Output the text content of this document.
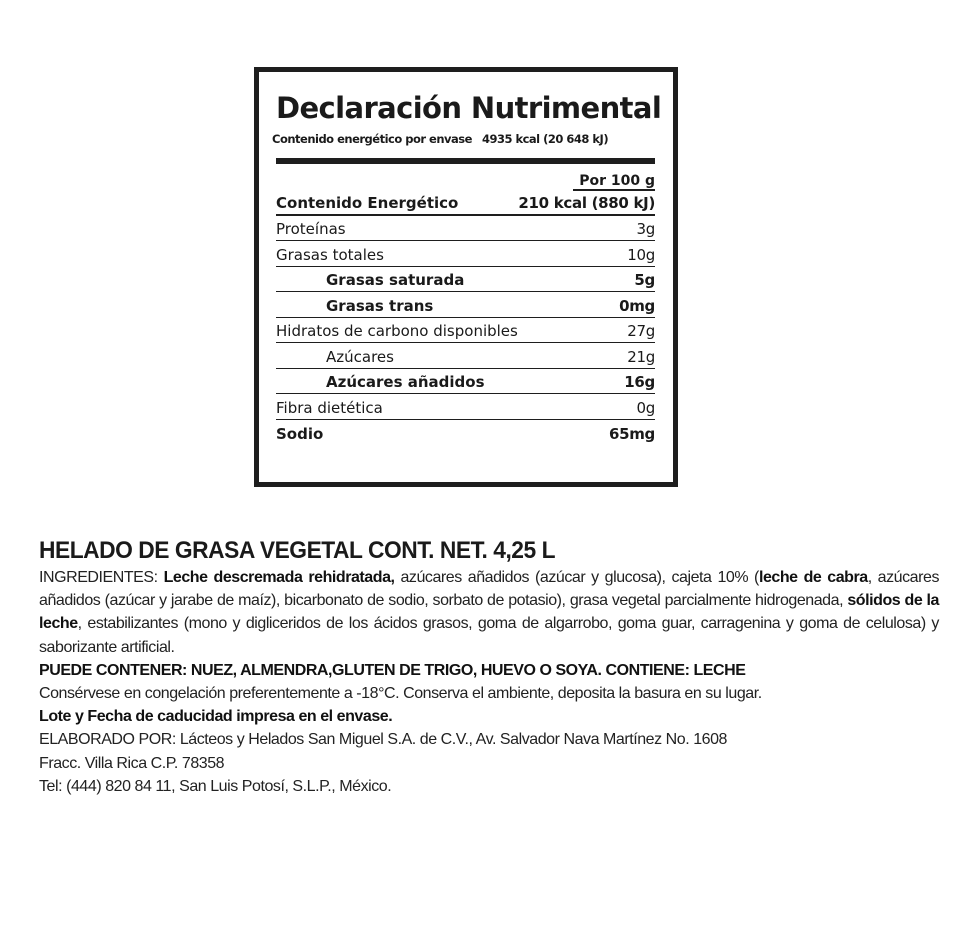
Declaración Nutrimental
Contenido energético por envase 4935 kcal (20 648 kJ)
Por 100 g
Contenido Energético	210 kcal (880 kJ)
Proteínas	3g
Grasas totales	10g
Grasas saturada	5g
Grasas trans	0mg
Hidratos de carbono disponibles	27g
Azúcares	21g
Azúcares añadidos	16g
Fibra dietética	0g
Sodio	65mg
HELADO DE GRASA VEGETAL CONT. NET. 4,25 L

INGREDIENTES: Leche descremada rehidratada, azúcares añadidos (azúcar y glucosa), cajeta 10% (leche de cabra, azúcares añadidos (azúcar y jarabe de maíz), bicarbonato de sodio, sorbato de potasio), grasa vegetal parcialmente hidrogenada, sólidos de la leche, estabilizantes (mono y digliceridos de los ácidos grasos, goma de algarrobo, goma guar, carragenina y goma de celulosa) y saborizante artificial.

PUEDE CONTENER: NUEZ, ALMENDRA,GLUTEN DE TRIGO, HUEVO O SOYA. CONTIENE: LECHE

Consérvese en congelación preferentemente a -18°C. Conserva el ambiente, deposita la basura en su lugar.

Lote y Fecha de caducidad impresa en el envase.

ELABORADO POR: Lácteos y Helados San Miguel S.A. de C.V., Av. Salvador Nava Martínez No. 1608

Fracc. Villa Rica C.P. 78358

Tel: (444) 820 84 11, San Luis Potosí, S.L.P., México.
